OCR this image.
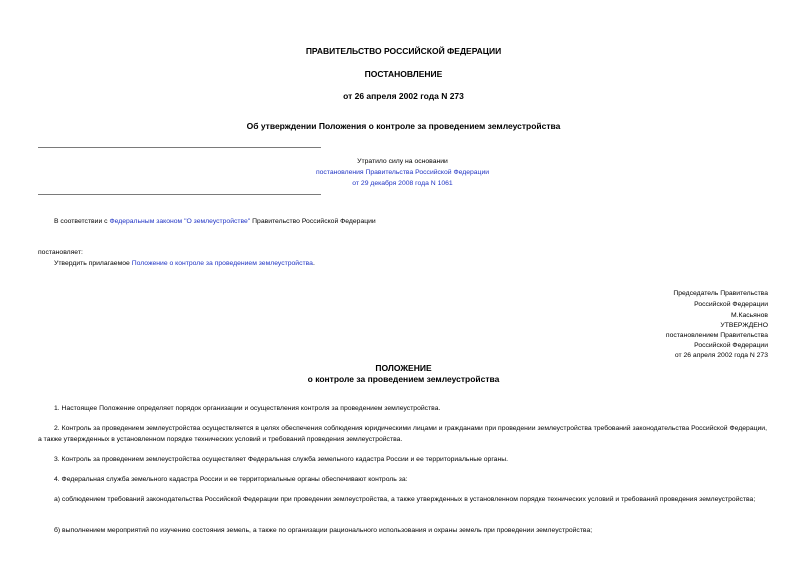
ПРАВИТЕЛЬСТВО РОССИЙСКОЙ ФЕДЕРАЦИИ
ПОСТАНОВЛЕНИЕ
от 26 апреля 2002 года N 273
Об утверждении Положения о контроле за проведением землеустройства
Утратило силу на основании
постановления Правительства Российской Федерации
от 29 декабря 2008 года N 1061
В соответствии с Федеральным законом "О землеустройстве" Правительство Российской Федерации
постановляет:
Утвердить прилагаемое Положение о контроле за проведением землеустройства.
Председатель Правительства
Российской Федерации
М.Касьянов
УТВЕРЖДЕНО
постановлением Правительства
Российской Федерации
от 26 апреля 2002 года N 273
ПОЛОЖЕНИЕ
о контроле за проведением землеустройства
1. Настоящее Положение определяет порядок организации и осуществления контроля за проведением землеустройства.
2. Контроль за проведением землеустройства осуществляется в целях обеспечения соблюдения юридическими лицами и гражданами при проведении землеустройства требований законодательства Российской Федерации, а также утвержденных в установленном порядке технических условий и требований проведения землеустройства.
3. Контроль за проведением землеустройства осуществляет Федеральная служба земельного кадастра России и ее территориальные органы.
4. Федеральная служба земельного кадастра России и ее территориальные органы обеспечивают контроль за:
а) соблюдением требований законодательства Российской Федерации при проведении землеустройства, а также утвержденных в установленном порядке технических условий и требований проведения землеустройства;
б) выполнением мероприятий по изучению состояния земель, а также по организации рационального использования и охраны земель при проведении землеустройства;
